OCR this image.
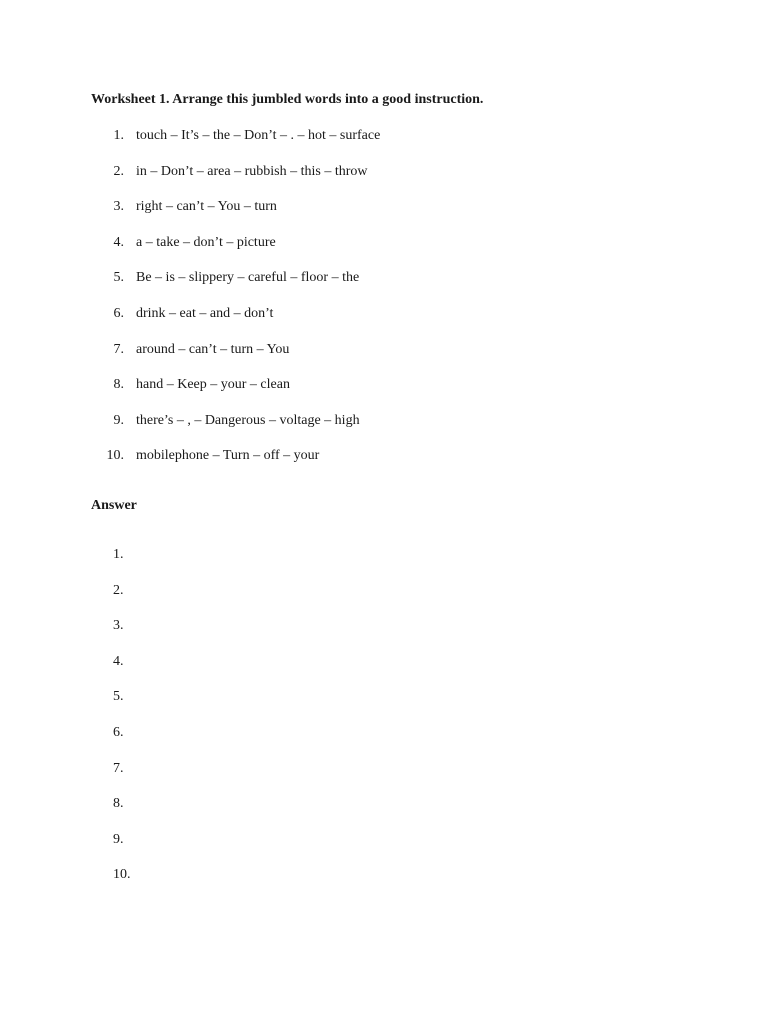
Worksheet 1. Arrange this jumbled words into a good instruction.
1. touch – It’s – the – Don’t – . – hot – surface
2. in – Don’t – area – rubbish – this – throw
3. right – can’t – You – turn
4. a – take – don’t – picture
5. Be – is – slippery – careful – floor – the
6. drink – eat – and – don’t
7. around – can’t – turn – You
8. hand – Keep – your – clean
9. there’s – , – Dangerous – voltage – high
10. mobilephone – Turn – off – your
Answer
1.
2.
3.
4.
5.
6.
7.
8.
9.
10.
